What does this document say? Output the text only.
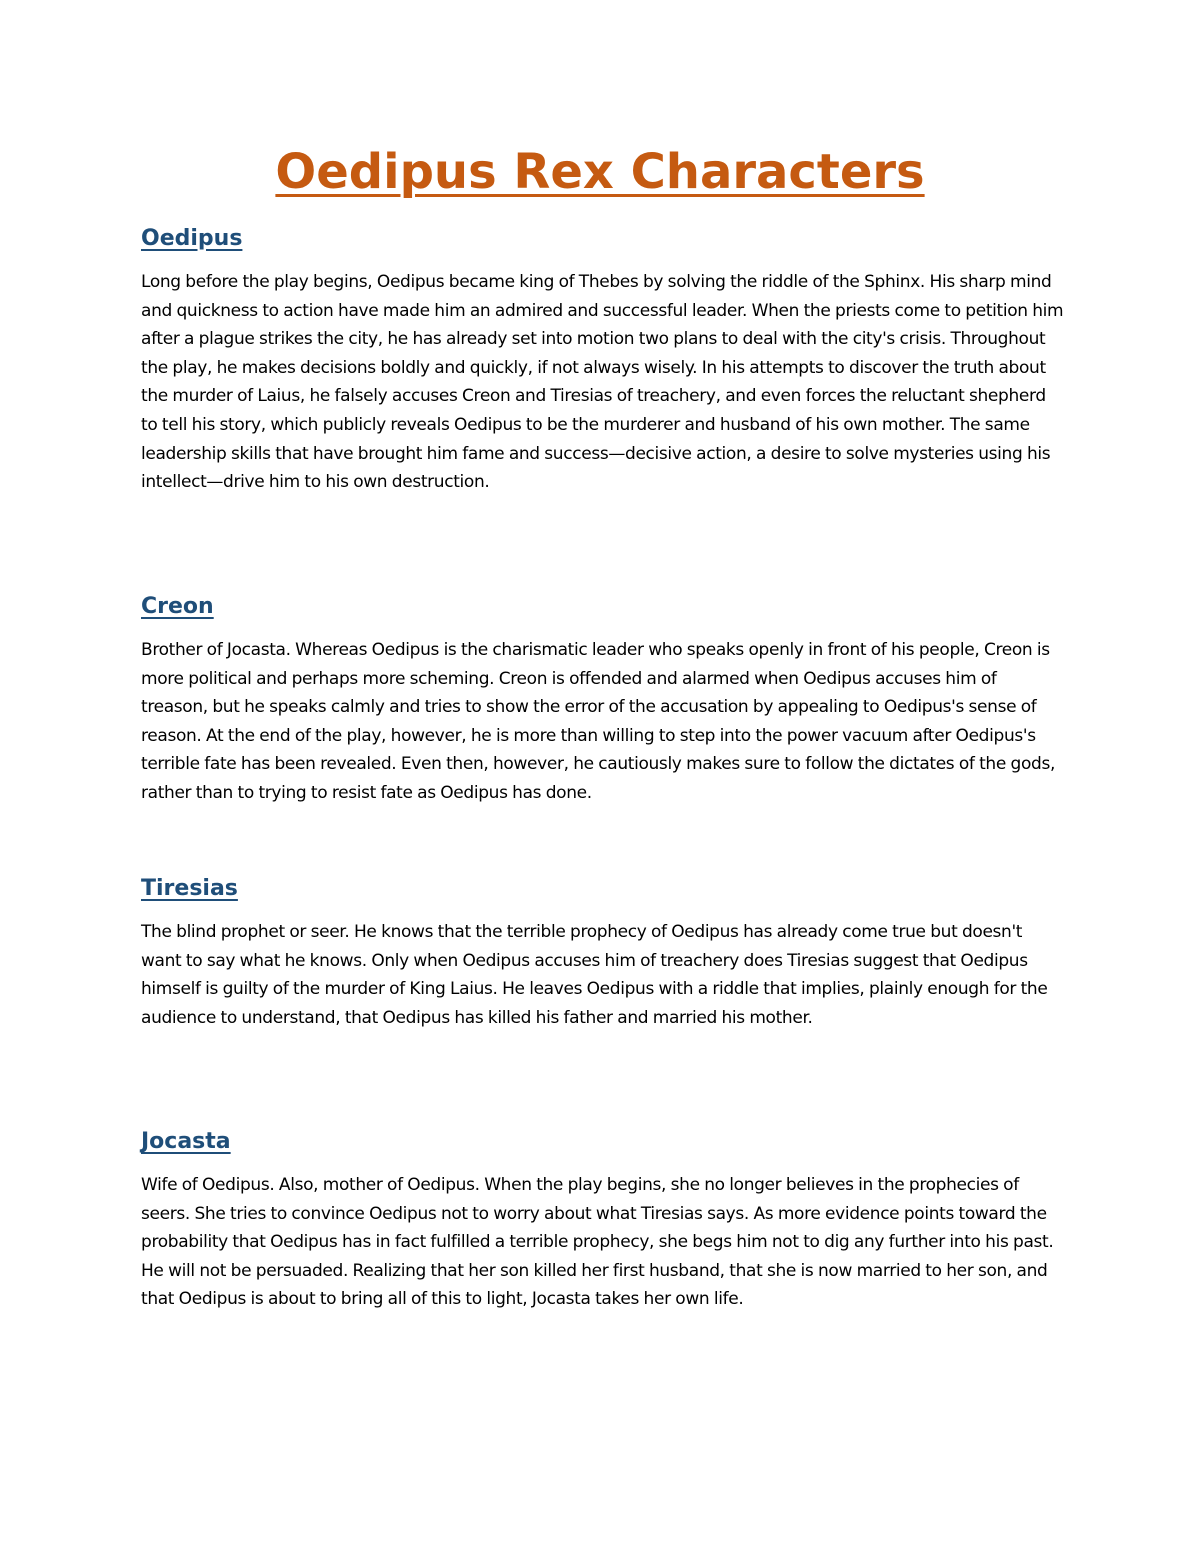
Oedipus Rex Characters
Oedipus

Long before the play begins, Oedipus became king of Thebes by solving the riddle of the Sphinx. His sharp mind and quickness to action have made him an admired and successful leader. When the priests come to petition him after a plague strikes the city, he has already set into motion two plans to deal with the city's crisis. Throughout the play, he makes decisions boldly and quickly, if not always wisely. In his attempts to discover the truth about the murder of Laius, he falsely accuses Creon and Tiresias of treachery, and even forces the reluctant shepherd to tell his story, which publicly reveals Oedipus to be the murderer and husband of his own mother. The same leadership skills that have brought him fame and success—decisive action, a desire to solve mysteries using his intellect—drive him to his own destruction.

Creon

Brother of Jocasta. Whereas Oedipus is the charismatic leader who speaks openly in front of his people, Creon is more political and perhaps more scheming. Creon is offended and alarmed when Oedipus accuses him of treason, but he speaks calmly and tries to show the error of the accusation by appealing to Oedipus's sense of reason. At the end of the play, however, he is more than willing to step into the power vacuum after Oedipus's terrible fate has been revealed. Even then, however, he cautiously makes sure to follow the dictates of the gods, rather than to trying to resist fate as Oedipus has done.

Tiresias

The blind prophet or seer. He knows that the terrible prophecy of Oedipus has already come true but doesn't want to say what he knows. Only when Oedipus accuses him of treachery does Tiresias suggest that Oedipus himself is guilty of the murder of King Laius. He leaves Oedipus with a riddle that implies, plainly enough for the audience to understand, that Oedipus has killed his father and married his mother.

Jocasta

Wife of Oedipus. Also, mother of Oedipus. When the play begins, she no longer believes in the prophecies of seers. She tries to convince Oedipus not to worry about what Tiresias says. As more evidence points toward the probability that Oedipus has in fact fulfilled a terrible prophecy, she begs him not to dig any further into his past. He will not be persuaded. Realizing that her son killed her first husband, that she is now married to her son, and that Oedipus is about to bring all of this to light, Jocasta takes her own life.
